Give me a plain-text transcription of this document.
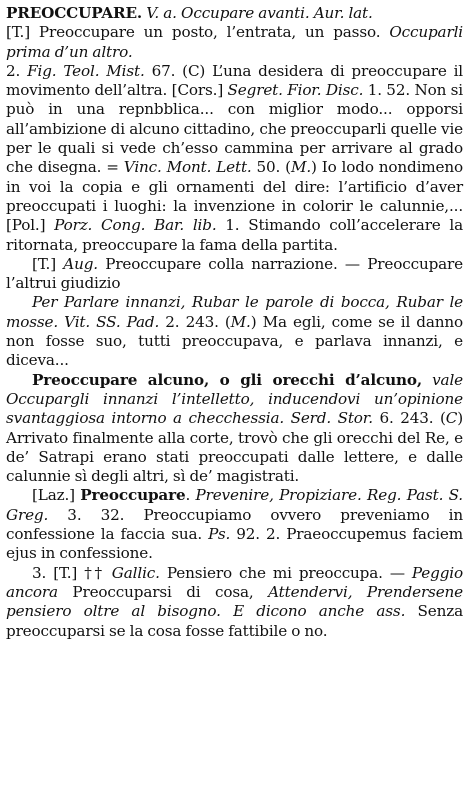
PREOCCUPARE. V. a. Occupare avanti. Aur. lat.

[T.] Preoccupare un posto, l’entrata, un passo. Occuparli prima d’un altro.

2. Fig. Teol. Mist. 67. (C) L’una desidera di preoccupare il movimento dell’altra. [Cors.] Segret. Fior. Disc. 1. 52. Non si può in una repnbblica... con miglior modo... opporsi all’ambizione di alcuno cittadino, che preoccuparli quelle vie per le quali si vede ch’esso cammina per arrivare al grado che disegna. = Vinc. Mont. Lett. 50. (M.) Io lodo nondimeno in voi la copia e gli ornamenti del dire: l’artificio d’aver preoccupati i luoghi: la invenzione in colorir le calunnie,... [Pol.] Porz. Cong. Bar. lib. 1. Stimando coll’accelerare la ritornata, preoccupare la fama della partita.

[T.] Aug. Preoccupare colla narrazione. — Preoccupare l’altrui giudizio

Per Parlare innanzi, Rubar le parole di bocca, Rubar le mosse. Vit. SS. Pad. 2. 243. (M.) Ma egli, come se il danno non fosse suo, tutti preoccupava, e parlava innanzi, e diceva...

Preoccupare alcuno, o gli orecchi d’alcuno, vale Occupargli innanzi l’intelletto, inducendovi un’opinione svantaggiosa intorno a checchessia. Serd. Stor. 6. 243. (C) Arrivato finalmente alla corte, trovò che gli orecchi del Re, e de’ Satrapi erano stati preoccupati dalle lettere, e dalle calunnie sì degli altri, sì de’ magistrati.

[Laz.] Preoccupare. Prevenire, Propiziare. Reg. Past. S. Greg. 3. 32. Preoccupiamo ovvero preveniamo in confessione la faccia sua. Ps. 92. 2. Praeoccupemus faciem ejus in confessione.

3. [T.] †† Gallic. Pensiero che mi preoccupa. — Peggio ancora Preoccuparsi di cosa, Attendervi, Prendersene pensiero oltre al bisogno. E dicono anche ass. Senza preoccuparsi se la cosa fosse fattibile o no.
